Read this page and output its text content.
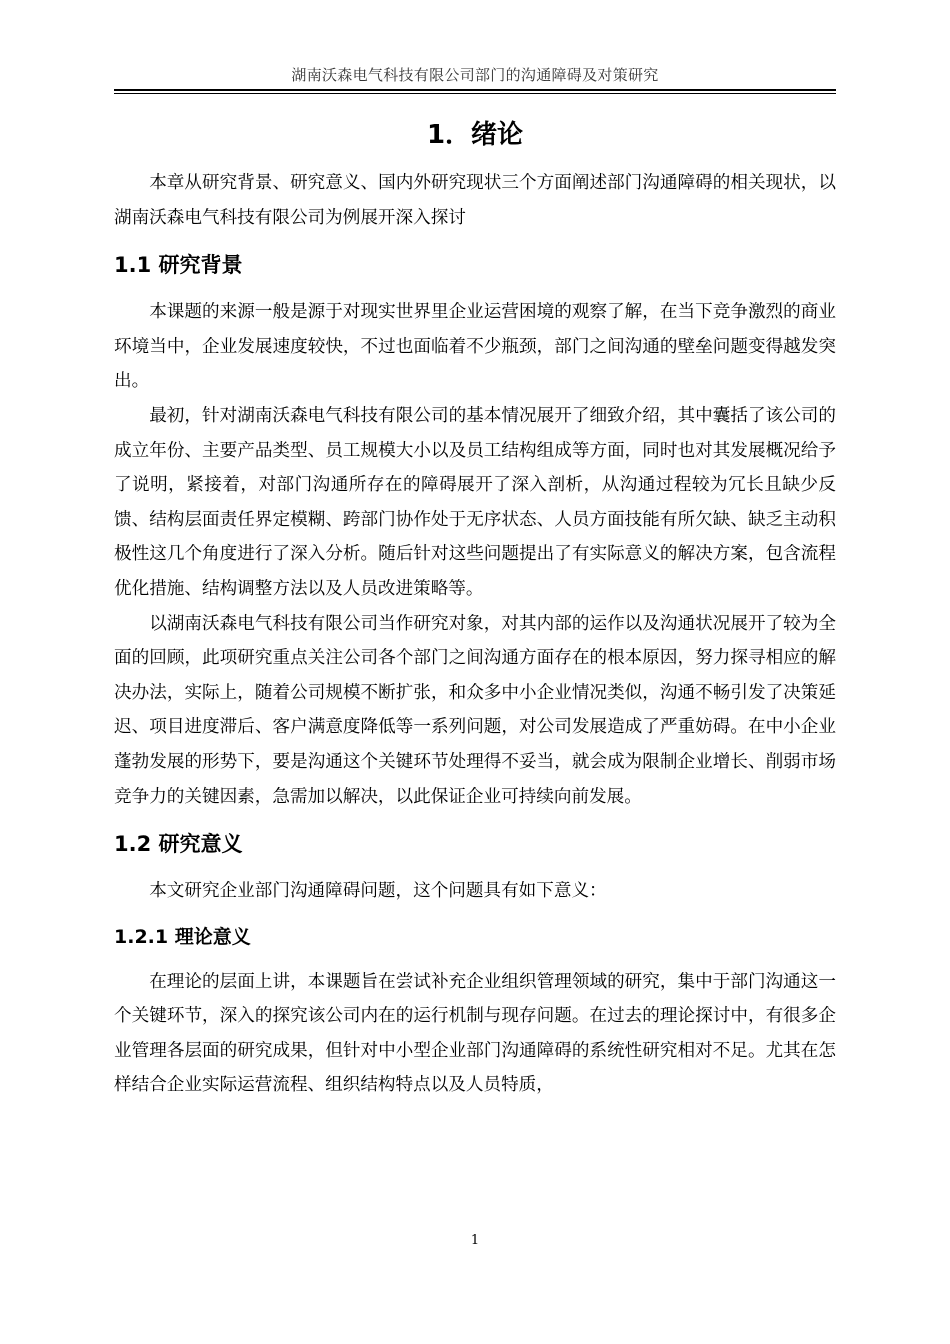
湖南沃森电气科技有限公司部门的沟通障碍及对策研究
1．绪论

本章从研究背景、研究意义、国内外研究现状三个方面阐述部门沟通障碍的相关现状，以湖南沃森电气科技有限公司为例展开深入探讨

1.1 研究背景

本课题的来源一般是源于对现实世界里企业运营困境的观察了解，在当下竞争激烈的商业环境当中，企业发展速度较快，不过也面临着不少瓶颈，部门之间沟通的壁垒问题变得越发突出。

最初，针对湖南沃森电气科技有限公司的基本情况展开了细致介绍，其中囊括了该公司的成立年份、主要产品类型、员工规模大小以及员工结构组成等方面，同时也对其发展概况给予了说明，紧接着，对部门沟通所存在的障碍展开了深入剖析，从沟通过程较为冗长且缺少反馈、结构层面责任界定模糊、跨部门协作处于无序状态、人员方面技能有所欠缺、缺乏主动积极性这几个角度进行了深入分析。随后针对这些问题提出了有实际意义的解决方案，包含流程优化措施、结构调整方法以及人员改进策略等。

以湖南沃森电气科技有限公司当作研究对象，对其内部的运作以及沟通状况展开了较为全面的回顾，此项研究重点关注公司各个部门之间沟通方面存在的根本原因，努力探寻相应的解决办法，实际上，随着公司规模不断扩张，和众多中小企业情况类似，沟通不畅引发了决策延迟、项目进度滞后、客户满意度降低等一系列问题，对公司发展造成了严重妨碍。在中小企业蓬勃发展的形势下，要是沟通这个关键环节处理得不妥当，就会成为限制企业增长、削弱市场竞争力的关键因素，急需加以解决，以此保证企业可持续向前发展。

1.2 研究意义

本文研究企业部门沟通障碍问题，这个问题具有如下意义：

1.2.1 理论意义

在理论的层面上讲，本课题旨在尝试补充企业组织管理领域的研究，集中于部门沟通这一个关键环节，深入的探究该公司内在的运行机制与现存问题。在过去的理论探讨中，有很多企业管理各层面的研究成果，但针对中小型企业部门沟通障碍的系统性研究相对不足。尤其在怎样结合企业实际运营流程、组织结构特点以及人员特质，

1
